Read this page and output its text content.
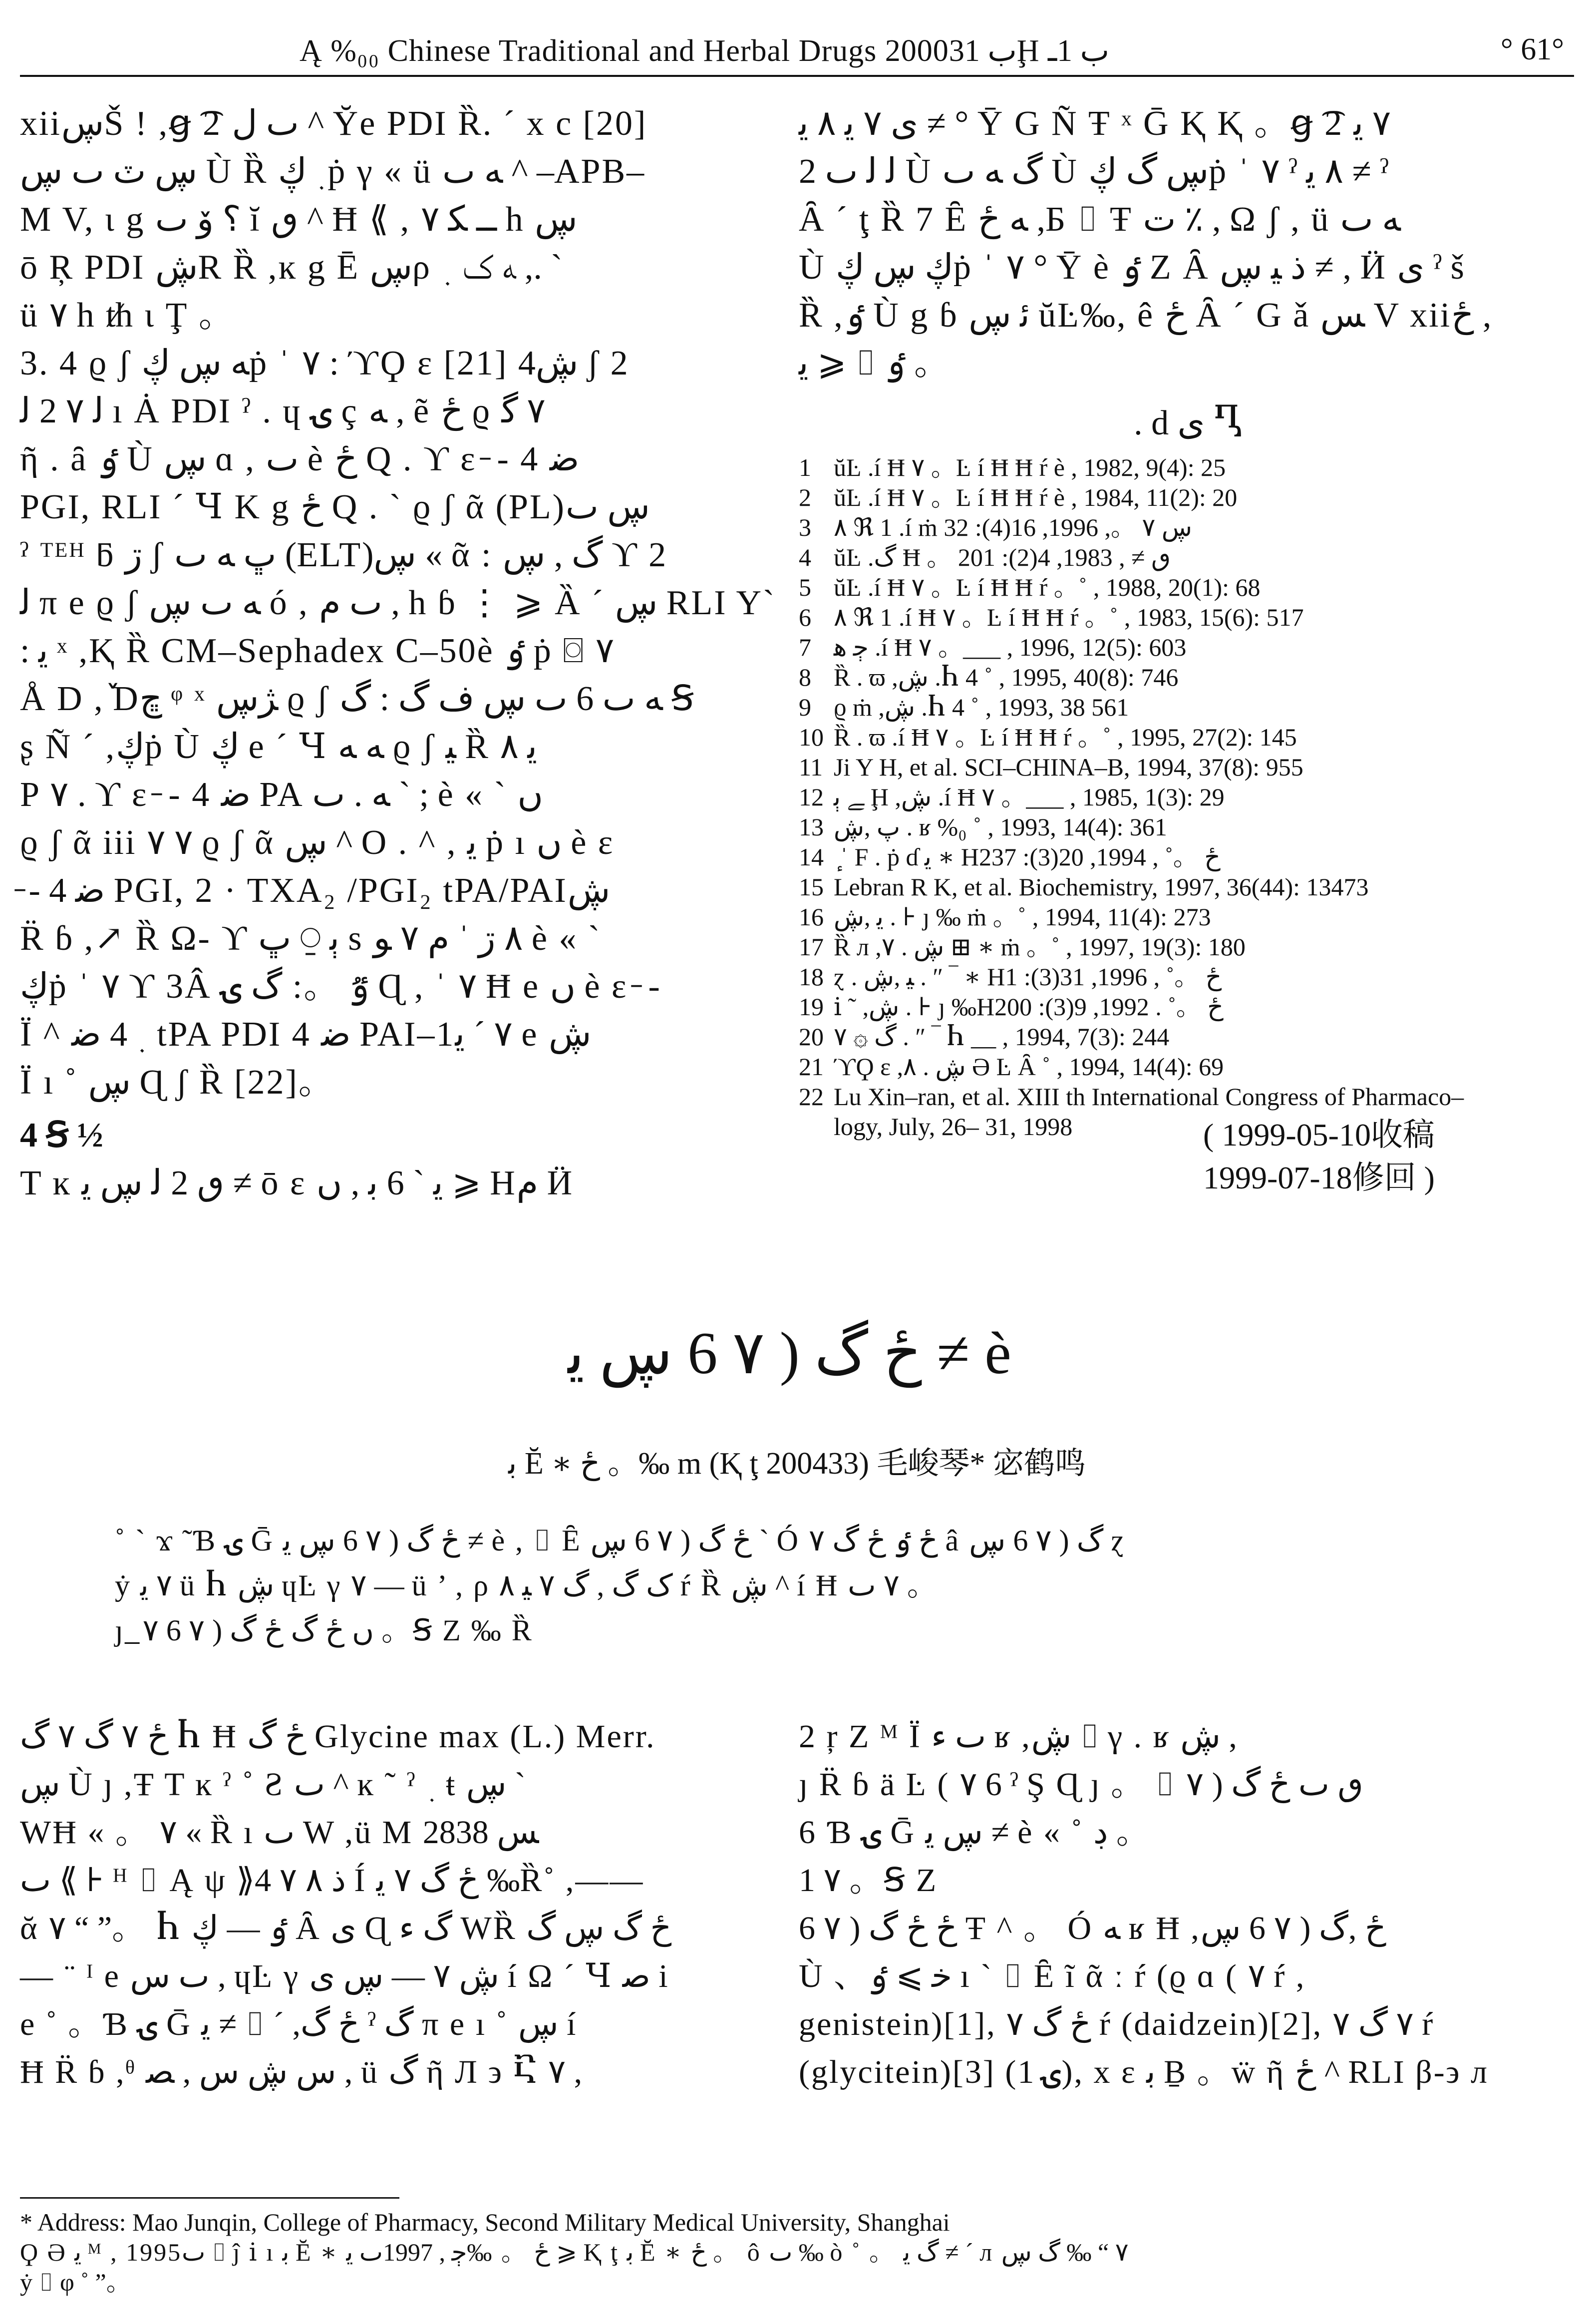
Ą %₀₀ Chinese Traditional and Herbal Drugs 2000ب 31Ḩ ب 1ـ	° 61°
xiiڛŠ ! ,ꞡ ͡2 ٮ ل ^ Ῠe PDI Ȑ. ´ x c [20]
ڛ ٽ ٮ ڛ Ù Ȑ ﮳ ڮṗ γ « ü ﻪ ٮ ^ –APB–
M V, ι g ؟ ۆ ٮ ĭ ٯ ^ Ħ ⟪ , ــ ﮑ ٧ h ڛ
ō Ŗ PDI ڜR Ȑ ,ĸ g Ē ڛρ ﻪ ک ﮳ ,. `
ü ٧ h ᵺ ι Ţ 。
3. 4 ϱ ʃ ﻪ ڛ ڮṗ ˈ ٧ : ϓϘ ε [21] ڜ4 ʃ 2
ﻟ ٧ 2 ﻟ ı Ȧ PDI ˀ . ɥ ۍ ç ﻪ , ẽ ځ ϱ ٧ ﮔ
ῆ . ȃ ٶ Ù ڛ ɑ , ٮ è ځ Q . ϒ ε ̵ - 4 ﺿ
PGI, RLI ´ Ɥ K g ځ Q . ` ϱ ʃ ᾶ (PL)ڛ ٮ
ˀ ᵀᴱᴴ ƃ ڗ ʃ ڀ ﻪ ٮ (ELT)ڛ « ᾶ : ﮒ , ڛ ϒ 2
ﻟ π e ϱ ʃ ﻪ ٮ ڛ ó , ٮ م , h ɓ ⋮ ⩾ Ȁ ´ ڛ RLI Y`
: ﯾ ˣ ,Ⱪ Ȑ CM–Sephadex C–50è ٶ ṗ ⌼ ٧
Å D ,ٚ Dڇ ᵠ ˣ ﮋڛ ϱ ʃ ﻪ ٮ 6 ٮ ڛ ف ﮒ : ﮒ Ꞩ
ʂ Ñ ´ ,ڮṗ Ù ڮ e ´ Ɥ ﻪ ﻪ ϱ ʃ ﯿ Ȑ ﯾ ٨
P ٧ . ϒ ε ̵ - 4 ﺿ PA ﻪ . ٮ ` ; è « ` ﮞ
ϱ ʃ ᾶ iii ٧ ٧ ϱ ʃ ᾶ ڛ ^ O . ^ , ﻳ ṗ ı ﮞ è ε
̵ - 4 ﺿ PGI, 2 · TXA₂ /PGI₂ tPA/PAIڜ
R̈ ɓ ,↗ Ȑ Ω- ϒ ڀ ⍜ ﯦ s ٨ ڗ ˈ م ٧ ﻮ è « `
ڮṗ ˈ ٧ ϒ 3Â ٷ 。: ﮒ ۍ Ɋ , ˈ ٧ Ħ e ﮞ è ε ̵ -
Ï ^ ﮳ 4 ﺿ tPA PDI 4 ﺿ PAI–1٧ ´ ﯾ e ڜ
Ï ı ˚ ڛ Ɋ ʃ Ȑ [22]。
4 Ꞩ ½
T ĸ ٯ 2 ﻟ ڛ ﻳ ≠ ō ε ﯾ ` 6 ﺑ , ﮞ ⩾ Hم Ӥ
ى ٧ ﯾ ٨ ﻳ ≠ ° Ȳ G Ñ Ŧ ˣ Ḡ Ⱪ Ⱪ 。ꞡ ͡2 ٧ ﯾ
2 ﻟ ﻟ ٮ Ù ﮒ ﻪ ٮ Ù ڛ ﮒ ڮṗ ˈ ٧ ˀ ٨ ﻳ ≠ ˀ
Ȃ ´ ţ Ȑ 7 Ȇ ﻪ ځ ,Б ⌷ Ŧ ﺕ ٪ , Ω ʃ , ü ﻪ ٮ
Ù ڮ ڛ ڮṗ ˈ ٧ ° Ȳ è ٶ Ζ Ȃ ﺫ ﯿ ڛ ≠ , Ӥ ى ˀ š
Ȑ ,ٶ Ù g ɓ ﺋ ڛ ŭĿ‰, ê ځ Ȃ ´ G ǎ ﺲ V xiiځ ,
ﯾ ⩾ ⌷ ٶ 。
. d ى Ⴂ
1 ŭĿ .í Ħ ٧ 。Ŀ í Ħ Ħ ŕ è , 1982, 9(4): 25
2 ŭĿ .í Ħ ٧ 。Ŀ í Ħ Ħ ŕ è , 1984, 11(2): 20
3 ٨ ℜ 1 .í ṁ ڛ ٧ 。, 1996, 16(4): 32
4 ŭĿ .ﮒ Ħ 。 ٯ ≠ , 1983, 4(2): 201
5 ŭĿ .í Ħ ٧ 。Ŀ í Ħ Ħ ŕ 。˚ , 1988, 20(1): 68
6 ٨ ℜ 1 .í Ħ ٧ 。Ŀ í Ħ Ħ ŕ 。˚ , 1983, 15(6): 517
7 ﭴ ﮬ .í Ħ ٧ 。___ , 1996, 12(5): 603
8 Ȑ . ϖ ,ڜ .Ⴙ 4 ˚ , 1995, 40(8): 746
9 ϱ ṁ ,ڜ .Ⴙ 4 ˚ , 1993, 38 561
10 Ȑ . ϖ .í Ħ ٧ 。Ŀ í Ħ Ħ ŕ 。˚ , 1995, 27(2): 145
11 Ji Y H, et al. SCI–CHINA–B, 1994, 37(8): 955
12 ﮯ ﯦ Ḩ ,ڜ .í Ħ ٧ 。___ , 1985, 1(3): 29
13 ﭖ ,ڜ . ʁ %₀ ˚ , 1993, 14(4): 361
14 ٕ ˈ F . ṗ ɗ ﯾ ∗ Hځ 。˚ , 1994, 20(3): 237
15 Lebran R K, et al. Biochemistry, 1997, 36(44): 13473
16 ﯾ ,ڜ . ⊦ ȷ ‰ ṁ 。˚ , 1994, 11(4): 273
17 Ȑ л ,ڜ . ٧ ⊞ ∗ ṁ 。˚ , 1997, 19(3): 180
18 ɀ . ﯿ ,ڜ . ″ ‾ ∗ Hځ 。˚ , 1996, 31(3): 1
19 ⅰ ˜ ,ڜ . ⊦ ȷ ‰Hځ 。˚ . 1992, 9(3): 200
20 ﮒ ۞ ٧ . ″ ‾ Ⴙ __ , 1994, 7(3): 244
21 ϓϘ ε ,ڜ . ٨ Ə Ŀ Ȃ ˚ , 1994, 14(4): 69
22 Lu Xin–ran, et al. XIII th International Congress of Pharmaco–
logy, July, 26– 31, 1998	( 1999-05-10收稿
1999-07-18修回 )
ځ ﮒ ( ٧ 6 ڛ ﻳ ≠ è
ﺑ Ĕ ∗ ځ 。‰ m (Ⱪ ţ 200433) 毛峻琴* 宓鹤鸣
˚ ` ϫ ̃ Ɓ ۍ Ḡ ځ ﮒ ( ٧ 6 ڛ ﻳ ≠ è , ⌷ Ȇ ځ ﮒ ( ٧ 6 ڛ ` Ó ځ ٶ ځ ﮒ ٧ â ﮒ ( ٧ 6 ڛ ɀ
ẏ ٧ ﯾ ü Ⴙ ڜ ɥĿ γ ٧ — ü ’ , ρ ک ﮒ , ﮒ ٧ ﯿ ٨ ŕ Ȑ ڜ ^ í Ħ ٧ ٮ 。
ȷ ̲ ﮞ ځ ﮒ ځ ﮒ ( ٧ 6 ٧ 。Ꞩ Ζ ‰ Ȑ
ځ ٧ ﮒ ٧ ﮒ Ⴙ Ħ ځ ﮒ Glycine max (L.) Merr.
ڛ Ù ȷ ,Ŧ T ĸ ˀ ˚ Ƨ ٮ ^ ĸ ˜ ˀ ﮳ ŧ ڛ `
WĦ « 。 ٧ « Ȑ ı ٮ W ,ü M ﺲ 2838
ٮ ⟪ ⊦ ᴴ ⌷ Ą ψ ⟫4 ﺫ ٨ ٧ Í ځ ﮒ ٧ ﯾ ‰Ȑ˚ ,——
ᾰ ٧ “ ”。 Ⴙ ٶ — ڮ Ȃ ى Ɋ ﮒ ﺀ WȐ ځ ﮒ ڛ ﮒ
— ¨ ᴵ e ٮ ﺱ , ɥĿ γ ڜ ٧ — ڛ ى í Ω ´ Ɥ ﺻ i
e ˚ 。Ɓ ۍ Ḡ ﻳ ≠ ⌷ ´ ,ځ ﮒ ˀ ﮒ π e ı ˚ ڛ í
Ħ R̈ ɓ ,ᶿ ﺱ ڜ ﺱ , ﺼ , ü ﮒ ῆ Л ϶ Ⴀ ٧ ,
2 ŗ Ζ ᴹ Ï ٮ ﺀ ʁ ,ڜ ⌷ γ . ʁ ڜ ,
ȷ R̈ ɓ ä Ŀ ( ٧ 6 ˀ Ş Ɋ ȷ 。 ⌷ ٯ ٮ ځ ﮒ ( ٧
6 Ɓ ۍ Ḡ ڛ ﻳ ≠ è « ˚ ڊ 。
1 ٧ 。Ꞩ Ζ
ځ ځ ﮒ ( ٧ 6 Ŧ ^ 。 Ó ﻪ ʁ Ħ ,ځ ,ﮒ ( ٧ 6 ڛ
Ù 、ﺧ ⩾ ٶ ı ` ⌷ Ȇ ĩ ᾶ ː ŕ (ϱ ɑ ( ٧ ŕ ,
genistein)[1], ځ ﮒ ٧ ŕ (daidzein)[2], ٧ ﮒ ٧ ŕ
(glycitein)[3] (ۍ 1), x ε ﺑ Ḇ 。ẅ ῆ ځ ^ RLI β-϶ л
* Address: Mao Junqin, College of Pharmacy, Second Military Medical University, Shanghai
Ϙ Ə ﻳ ᴹ , 1995ٮ ⌷ ĵ ⅰ ı ﺑ Ĕ ∗ ځ 。 ‰ﭴ , 1997ٮ ﯾ ⩾ Ⱪ ţ ﺑ Ĕ ∗ ځ 。 ô ٮ ‰ ò ˚ 。 ﮒ ﻳ ≠ ´ л ٧ “ ‰ ﮒ ڛ
ẏ ⌷ φ ˚ ”。
